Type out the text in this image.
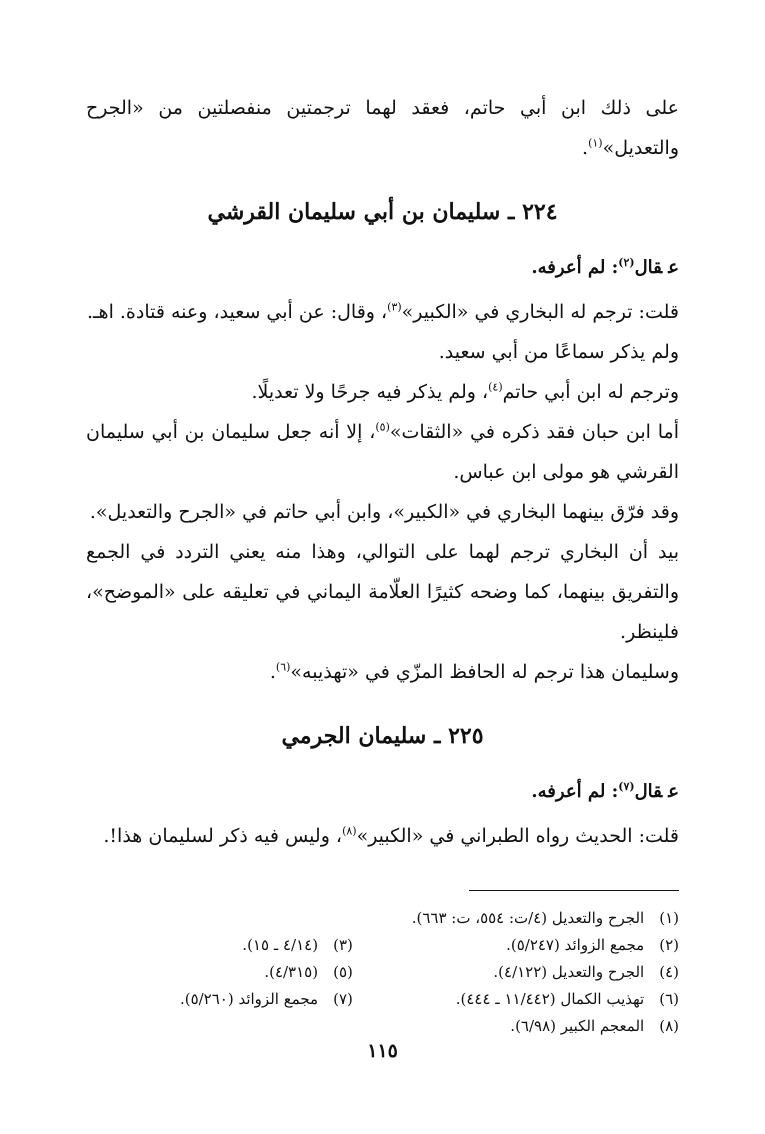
على ذلك ابن أبي حاتم، فعقد لهما ترجمتين منفصلتين من «الجرح والتعديل»$^{(١)}$.

٢٢٤ ـ سليمان بن أبي سليمان القرشي
عقال$^{(٢)}$: لم أعرفه.

قلت: ترجم له البخاري في «الكبير»$^{(٣)}$، وقال: عن أبي سعيد، وعنه قتادة. اهـ.

ولم يذكر سماعًا من أبي سعيد.

وترجم له ابن أبي حاتم$^{(٤)}$، ولم يذكر فيه جرحًا ولا تعديلًا.

أما ابن حبان فقد ذكره في «الثقات»$^{(٥)}$، إلا أنه جعل سليمان بن أبي سليمان القرشي هو مولى ابن عباس.

وقد فرّق بينهما البخاري في «الكبير»، وابن أبي حاتم في «الجرح والتعديل».

بيد أن البخاري ترجم لهما على التوالي، وهذا منه يعني التردد في الجمع والتفريق بينهما، كما وضحه كثيرًا العلّامة اليماني في تعليقه على «الموضح»، فلينظر.

وسليمان هذا ترجم له الحافظ المزّي في «تهذيبه»$^{(٦)}$.

٢٢٥ ـ سليمان الجرمي
عقال$^{(٧)}$: لم أعرفه.

قلت: الحديث رواه الطبراني في «الكبير»$^{(٨)}$، وليس فيه ذكر لسليمان هذا!.

(١) الجرح والتعديل (٤/ت: ٥٥٤، ت: ٦٦٣).
(٢) مجمع الزوائد (٥/٢٤٧).
(٣) (٤/١٤ ـ ١٥).
(٤) الجرح والتعديل (٤/١٢٢).
(٥) (٤/٣١٥).
(٦) تهذيب الكمال (١١/٤٤٢ ـ ٤٤٤).
(٧) مجمع الزوائد (٥/٢٦٠).
(٨) المعجم الكبير (٦/٩٨).
١١٥
